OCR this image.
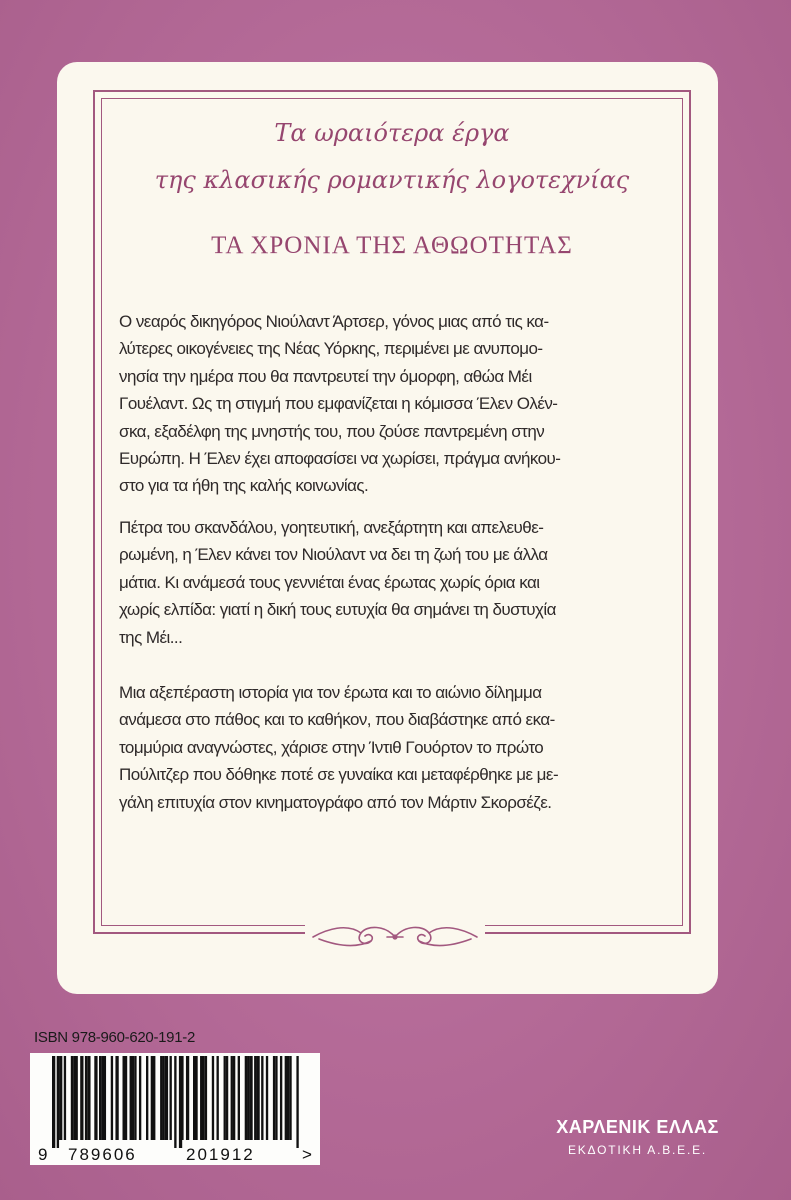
Τα ωραιότερα έργα
της κλασικής ρομαντικής λογοτεχνίας
ΤΑ ΧΡΟΝΙΑ ΤΗΣ ΑΘΩΟΤΗΤΑΣ
Ο νεαρός δικηγόρος Νιούλαντ Άρτσερ, γόνος μιας από τις κα-
λύτερες οικογένειες της Νέας Υόρκης, περιμένει με ανυπομο-
νησία την ημέρα που θα παντρευτεί την όμορφη, αθώα Μέι
Γουέλαντ. Ως τη στιγμή που εμφανίζεται η κόμισσα Έλεν Ολέν-
σκα, εξαδέλφη της μνηστής του, που ζούσε παντρεμένη στην
Ευρώπη. Η Έλεν έχει αποφασίσει να χωρίσει, πράγμα ανήκου-
στο για τα ήθη της καλής κοινωνίας.
Πέτρα του σκανδάλου, γοητευτική, ανεξάρτητη και απελευθε-
ρωμένη, η Έλεν κάνει τον Νιούλαντ να δει τη ζωή του με άλλα
μάτια. Κι ανάμεσά τους γεννιέται ένας έρωτας χωρίς όρια και
χωρίς ελπίδα: γιατί η δική τους ευτυχία θα σημάνει τη δυστυχία
της Μέι...
Μια αξεπέραστη ιστορία για τον έρωτα και το αιώνιο δίλημμα
ανάμεσα στο πάθος και το καθήκον, που διαβάστηκε από εκα-
τομμύρια αναγνώστες, χάρισε στην Ίντιθ Γουόρτον το πρώτο
Πούλιτζερ που δόθηκε ποτέ σε γυναίκα και μεταφέρθηκε με με-
γάλη επιτυχία στον κινηματογράφο από τον Μάρτιν Σκορσέζε.
ISBN 978-960-620-191-2
9 789606	201912	>
ΧΑΡΛΕΝΙΚ ΕΛΛΑΣ
ΕΚΔΟΤΙΚΗ Α.Β.Ε.Ε.
